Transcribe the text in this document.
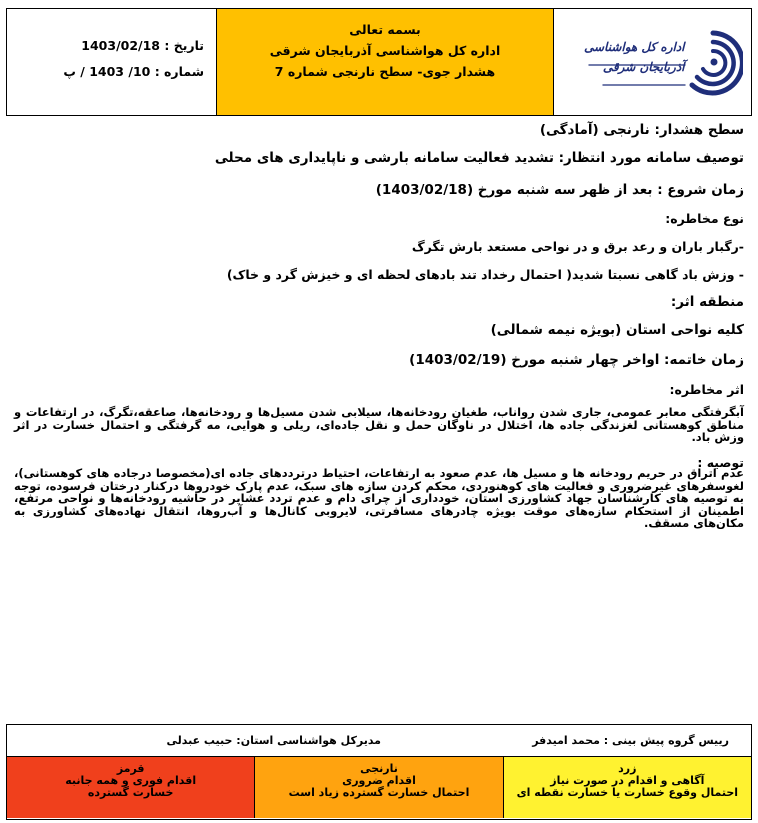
تاریخ : 1403/02/18
شماره : 10/ 1403 / پ
بسمه تعالی
اداره کل هواشناسی آذربایجان شرقی
هشدار جوی- سطح نارنجی شماره 7
اداره کل هواشناسی
آذربایجان شرقی
سطح هشدار: نارنجی (آمادگی)
توصیف سامانه مورد انتظار: تشدید فعالیت سامانه بارشی و ناپایداری های محلی
زمان شروع : بعد از ظهر سه شنبه مورخ (1403/02/18)
نوع مخاطره:
-رگبار باران و رعد برق و در نواحی مستعد بارش تگرگ
- وزش باد گاهی نسبتا شدید( احتمال رخداد تند بادهای لحظه ای و خیزش گرد و خاک)
منطقه اثر:
کلیه نواحی استان (بویژه نیمه شمالی)
زمان خاتمه: اواخر چهار شنبه مورخ (1403/02/19)
اثر مخاطره:
آبگرفتگی معابر عمومی، جاری شدن رواناب، طغیان رودخانه‌ها، سیلابی شدن مسیل‌ها و رودخانه‌ها، صاعقه،تگرگ، در ارتفاعات و مناطق کوهستانی لغزندگی جاده ها، اختلال در ناوگان حمل و نقل جاده‌ای، ریلی و هوایی، مه گرفتگی و احتمال خسارت در اثر وزش باد.
توصیه :
عدم اتراق در حریم رودخانه ها و مسیل ها، عدم صعود به ارتفاعات، احتیاط درترددهای جاده ای(مخصوصا درجاده های کوهستانی)، لغوسفرهای غیرضروری و فعالیت های کوهنوردی، محکم کردن سازه های سبک، عدم پارک خودروها درکنار درختان فرسوده، توجه به توصیه های کارشناسان جهاد کشاورزی استان، خودداری از چرای دام و عدم تردد عشایر در حاشیه رودخانه‌ها و نواحی مرتفع، اطمینان از استحکام سازه‌های موقت بویژه چادرهای مسافرتی، لایروبی کانال‌ها و آب‌روها، انتقال نهاده‌های کشاورزی به مکان‌های مسقف.
رییس گروه پیش بینی : محمد امیدفر
مدیرکل هواشناسی استان: حبیب عبدلی
قرمز
اقدام فوری و همه جانبه
خسارت گسترده
نارنجی
اقدام ضروری
احتمال خسارت گسترده زیاد است
زرد
آگاهی و اقدام در صورت نیاز
احتمال وقوع خسارت یا خسارت نقطه ای
